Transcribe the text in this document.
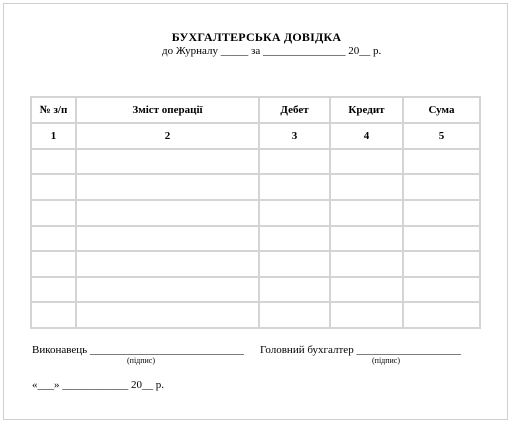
БУХГАЛТЕРСЬКА ДОВІДКА
до Журналу _____ за _______________ 20__ р.
№ з/п	Зміст операції	Дебет	Кредит	Сума
1	2	3	4	5

Виконавець ____________________________
(підпис)
Головний бухгалтер ___________________
(підпис)
«___» ____________ 20__ р.
